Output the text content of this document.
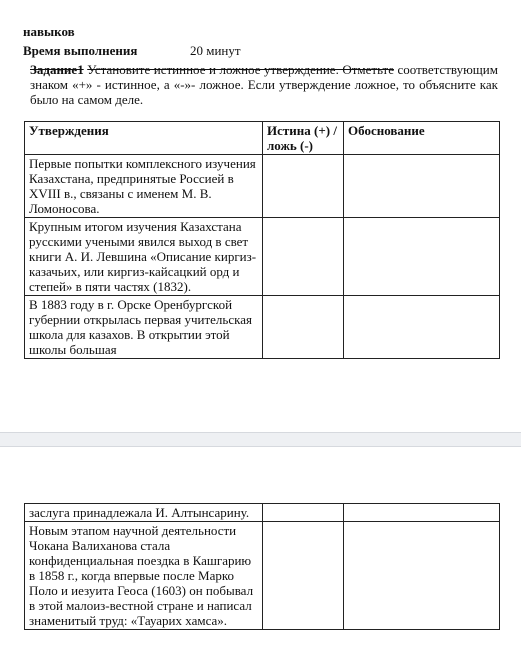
навыков
Время выполнения	20 минут
Задание1 Установите истинное и ложное утверждение. Отметьте соответствующим знаком «+» - истинное, а «-»- ложное. Если утверждение ложное, то объясните как было на самом деле.
Утверждения	Истина (+) / ложь (-)	Обоснование
Первые попытки комплексного изучения Казахстана, предпринятые Россией в XVIII в., связаны с именем М. В. Ломоносова.		
Крупным итогом изучения Казахстана русскими учеными явился выход в свет книги А. И. Левшина «Описание киргиз-казачьих, или киргиз-кайсацкий орд и степей» в пяти частях (1832).		
В 1883 году в г. Орске Оренбургской губернии открылась первая учительская школа для казахов. В открытии этой школы большая		
заслуга принадлежала И. Алтынсарину.		
Новым этапом научной деятельности Чокана Валиханова стала конфиденциальная поездка в Кашгарию в 1858 г., когда впервые после Марко Поло и иезуита Геоса (1603) он побывал в этой малоиз-вестной стране и написал знаменитый труд: «Тауарих хамса».		
